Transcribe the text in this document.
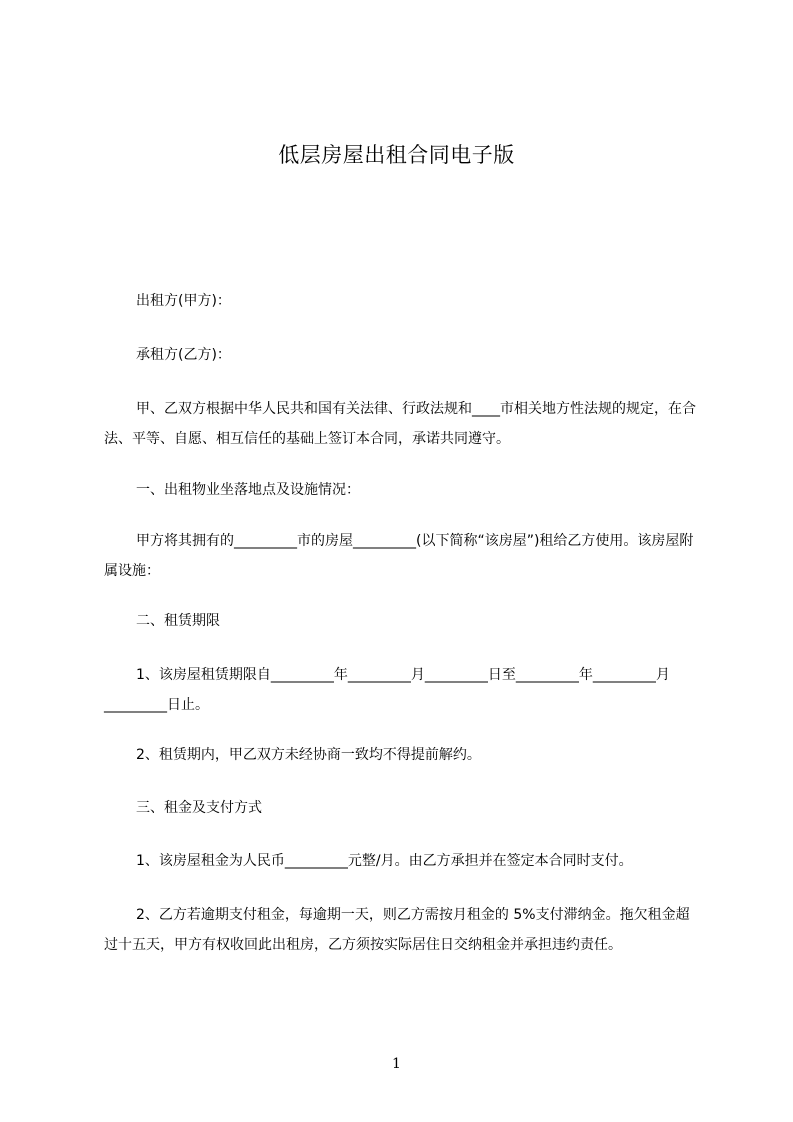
低层房屋出租合同电子版
出租方(甲方)：
承租方(乙方)：
甲、乙双方根据中华人民共和国有关法律、行政法规和____市相关地方性法规的规定，在合法、平等、自愿、相互信任的基础上签订本合同，承诺共同遵守。
一、出租物业坐落地点及设施情况：
甲方将其拥有的_________市的房屋_________(以下简称“该房屋”)租给乙方使用。该房屋附属设施：
二、租赁期限
1、该房屋租赁期限自_________年_________月_________日至_________年_________月_________日止。
2、租赁期内，甲乙双方未经协商一致均不得提前解约。
三、租金及支付方式
1、该房屋租金为人民币_________元整/月。由乙方承担并在签定本合同时支付。
2、乙方若逾期支付租金，每逾期一天，则乙方需按月租金的 5%支付滞纳金。拖欠租金超过十五天，甲方有权收回此出租房，乙方须按实际居住日交纳租金并承担违约责任。
1
